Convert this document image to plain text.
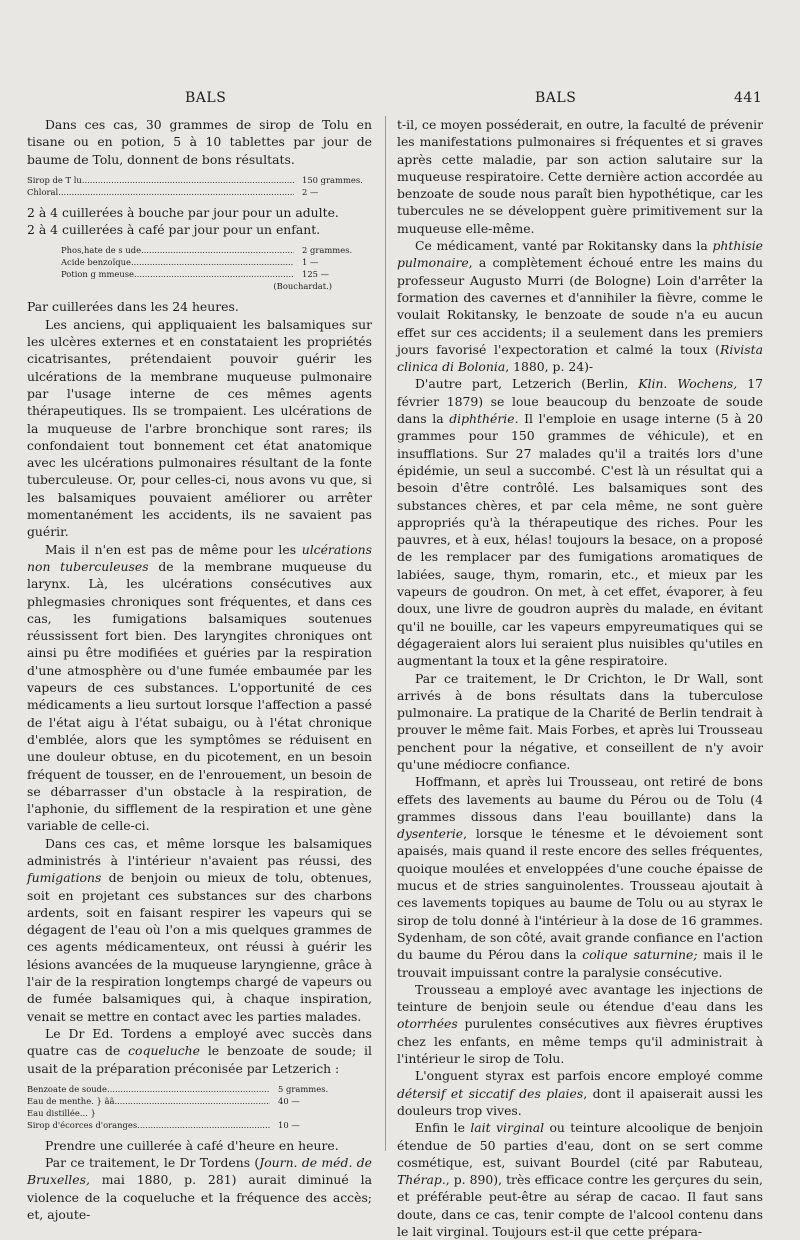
BALS	BALS	441

Dans ces cas, 30 grammes de sirop de Tolu en tisane ou en potion, 5 à 10 tablettes par jour de baume de Tolu, donnent de bons résultats.

Sirop de T lu .....	150 grammes.
Chloral .....	2 —

2 à 4 cuillerées à bouche par jour pour un adulte.

2 à 4 cuillerées à café par jour pour un enfant.

Phos,hate de s ude .....	2 grammes.
Acide benzoïque .....	1 —
Potion g mmeuse .....	125 —
(Bouchardat.)

Par cuillerées dans les 24 heures.

Les anciens, qui appliquaient les balsamiques sur les ulcères externes et en constataient les propriétés cicatrisantes, prétendaient pouvoir guérir les ulcérations de la membrane muqueuse pulmonaire par l'usage interne de ces mêmes agents thérapeutiques. Ils se trompaient. Les ulcérations de la muqueuse de l'arbre bronchique sont rares; ils confondaient tout bonnement cet état anatomique avec les ulcérations pulmonaires résultant de la fonte tuberculeuse. Or, pour celles-ci, nous avons vu que, si les balsamiques pouvaient améliorer ou arrêter momentanément les accidents, ils ne savaient pas guérir.

Mais il n'en est pas de même pour les ulcérations non tuberculeuses de la membrane muqueuse du larynx. Là, les ulcérations consécutives aux phlegmasies chroniques sont fréquentes, et dans ces cas, les fumigations balsamiques soutenues réussissent fort bien. Des laryngites chroniques ont ainsi pu être modifiées et guéries par la respiration d'une atmosphère ou d'une fumée embaumée par les vapeurs de ces substances. L'opportunité de ces médicaments a lieu surtout lorsque l'affection a passé de l'état aigu à l'état subaigu, ou à l'état chronique d'emblée, alors que les symptômes se réduisent en une douleur obtuse, en du picotement, en un besoin fréquent de tousser, en de l'enrouement, un besoin de se débarrasser d'un obstacle à la respiration, de l'aphonie, du sifflement de la respiration et une gène variable de celle-ci.

Dans ces cas, et même lorsque les balsamiques administrés à l'intérieur n'avaient pas réussi, des fumigations de benjoin ou mieux de tolu, obtenues, soit en projetant ces substances sur des charbons ardents, soit en faisant respirer les vapeurs qui se dégagent de l'eau où l'on a mis quelques grammes de ces agents médicamenteux, ont réussi à guérir les lésions avancées de la muqueuse laryngienne, grâce à l'air de la respiration longtemps chargé de vapeurs ou de fumée balsamiques qui, à chaque inspiration, venait se mettre en contact avec les parties malades.

Le Dr Ed. Tordens a employé avec succès dans quatre cas de coqueluche le benzoate de soude; il usait de la préparation préconisée par Letzerich :

Benzoate de soude .....	5 grammes.
Eau de menthe. } ãã .....	40 —
Eau distillée... }
Sirop d'écorces d'oranges .....	10 —

Prendre une cuillerée à café d'heure en heure.

Par ce traitement, le Dr Tordens (Journ. de méd. de Bruxelles, mai 1880, p. 281) aurait diminué la violence de la coqueluche et la fréquence des accès; et, ajoute-

t-il, ce moyen posséderait, en outre, la faculté de prévenir les manifestations pulmonaires si fréquentes et si graves après cette maladie, par son action salutaire sur la muqueuse respiratoire. Cette dernière action accordée au benzoate de soude nous paraît bien hypothétique, car les tubercules ne se développent guère primitivement sur la muqueuse elle-même.

Ce médicament, vanté par Rokitansky dans la phthisie pulmonaire, a complètement échoué entre les mains du professeur Augusto Murri (de Bologne) Loin d'arrêter la formation des cavernes et d'annihiler la fièvre, comme le voulait Rokitansky, le benzoate de soude n'a eu aucun effet sur ces accidents; il a seulement dans les premiers jours favorisé l'expectoration et calmé la toux (Rivista clinica di Bolonia, 1880, p. 24)-

D'autre part, Letzerich (Berlin, Klin. Wochens, 17 février 1879) se loue beaucoup du benzoate de soude dans la diphthérie. Il l'emploie en usage interne (5 à 20 grammes pour 150 grammes de véhicule), et en insufflations. Sur 27 malades qu'il a traités lors d'une épidémie, un seul a succombé. C'est là un résultat qui a besoin d'être contrôlé. Les balsamiques sont des substances chères, et par cela même, ne sont guère appropriés qu'à la thérapeutique des riches. Pour les pauvres, et à eux, hélas! toujours la besace, on a proposé de les remplacer par des fumigations aromatiques de labiées, sauge, thym, romarin, etc., et mieux par les vapeurs de goudron. On met, à cet effet, évaporer, à feu doux, une livre de goudron auprès du malade, en évitant qu'il ne bouille, car les vapeurs empyreumatiques qui se dégageraient alors lui seraient plus nuisibles qu'utiles en augmentant la toux et la gêne respiratoire.

Par ce traitement, le Dr Crichton, le Dr Wall, sont arrivés à de bons résultats dans la tuberculose pulmonaire. La pratique de la Charité de Berlin tendrait à prouver le même fait. Mais Forbes, et après lui Trousseau penchent pour la négative, et conseillent de n'y avoir qu'une médiocre confiance.

Hoffmann, et après lui Trousseau, ont retiré de bons effets des lavements au baume du Pérou ou de Tolu (4 grammes dissous dans l'eau bouillante) dans la dysenterie, lorsque le ténesme et le dévoiement sont apaisés, mais quand il reste encore des selles fréquentes, quoique moulées et enveloppées d'une couche épaisse de mucus et de stries sanguinolentes. Trousseau ajoutait à ces lavements topiques au baume de Tolu ou au styrax le sirop de tolu donné à l'intérieur à la dose de 16 grammes. Sydenham, de son côté, avait grande confiance en l'action du baume du Pérou dans la colique saturnine; mais il le trouvait impuissant contre la paralysie consécutive.

Trousseau a employé avec avantage les injections de teinture de benjoin seule ou étendue d'eau dans les otorrhées purulentes consécutives aux fièvres éruptives chez les enfants, en même temps qu'il administrait à l'intérieur le sirop de Tolu.

L'onguent styrax est parfois encore employé comme détersif et siccatif des plaies, dont il apaiserait aussi les douleurs trop vives.

Enfin le lait virginal ou teinture alcoolique de benjoin étendue de 50 parties d'eau, dont on se sert comme cosmétique, est, suivant Bourdel (cité par Rabuteau, Thérap., p. 890), très efficace contre les gerçures du sein, et préférable peut-être au sérap de cacao. Il faut sans doute, dans ce cas, tenir compte de l'alcool contenu dans le lait virginal. Toujours est-il que cette prépara-
